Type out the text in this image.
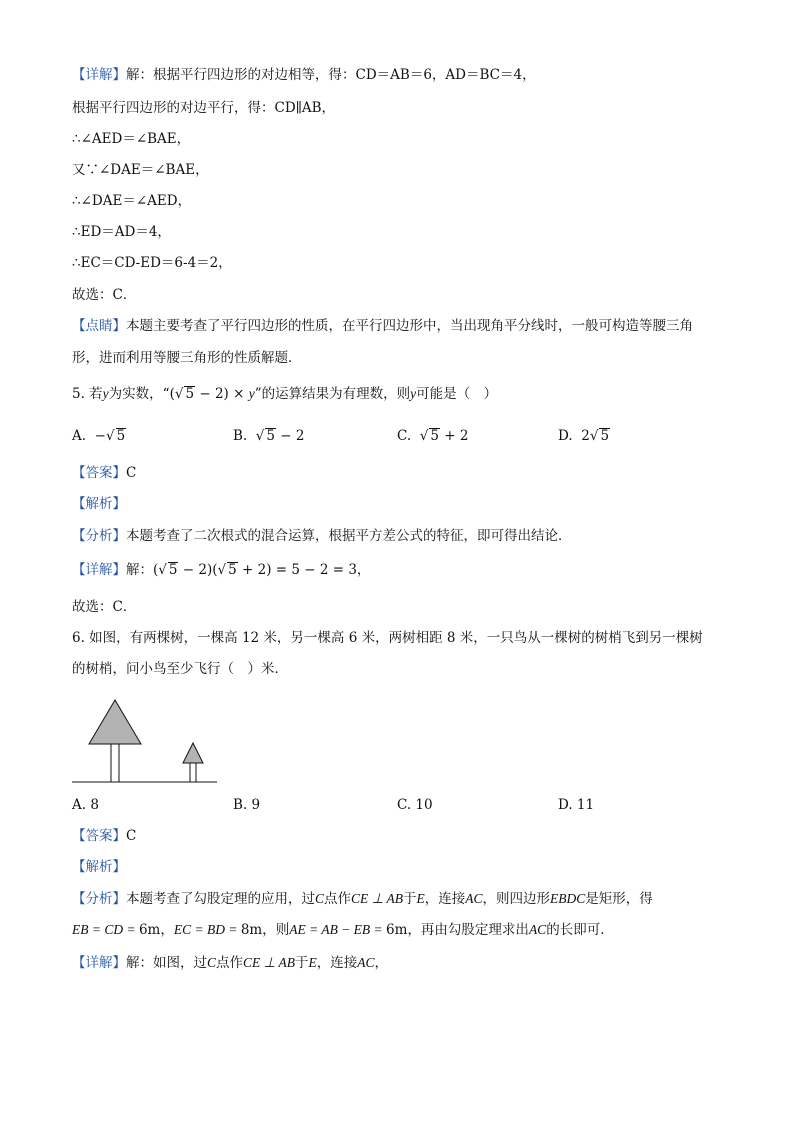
【详解】解：根据平行四边形的对边相等，得：CD＝AB＝6，AD＝BC＝4，
根据平行四边形的对边平行，得：CD∥AB，
∴∠AED＝∠BAE，
又∵∠DAE＝∠BAE，
∴∠DAE＝∠AED，
∴ED＝AD＝4，
∴EC＝CD-ED＝6-4＝2，
故选：C．
【点睛】本题主要考查了平行四边形的性质，在平行四边形中，当出现角平分线时，一般可构造等腰三角
形，进而利用等腰三角形的性质解题．
5. 若y为实数，“(√ 5 − 2) × y”的运算结果为有理数，则y可能是（　）
A. −√ 5	B.  √ 5 − 2	C.  √ 5 + 2	D. 2√ 5
【答案】C
【解析】
【分析】本题考查了二次根式的混合运算，根据平方差公式的特征，即可得出结论．
【详解】解：(√ 5 − 2)(√ 5 + 2) = 5 − 2 = 3，
故选：C．
6. 如图，有两棵树，一棵高 12 米，另一棵高 6 米，两树相距 8 米，一只鸟从一棵树的树梢飞到另一棵树
的树梢，问小鸟至少飞行（　）米．
A. 8	B. 9	C. 10	D. 11
【答案】C
【解析】
【分析】本题考查了勾股定理的应用，过C点作CE ⊥ AB于E，连接AC，则四边形EBDC是矩形，得
EB = CD = 6m，EC = BD = 8m，则AE = AB − EB = 6m，再由勾股定理求出AC的长即可．
【详解】解：如图，过C点作CE ⊥ AB于E，连接AC，
